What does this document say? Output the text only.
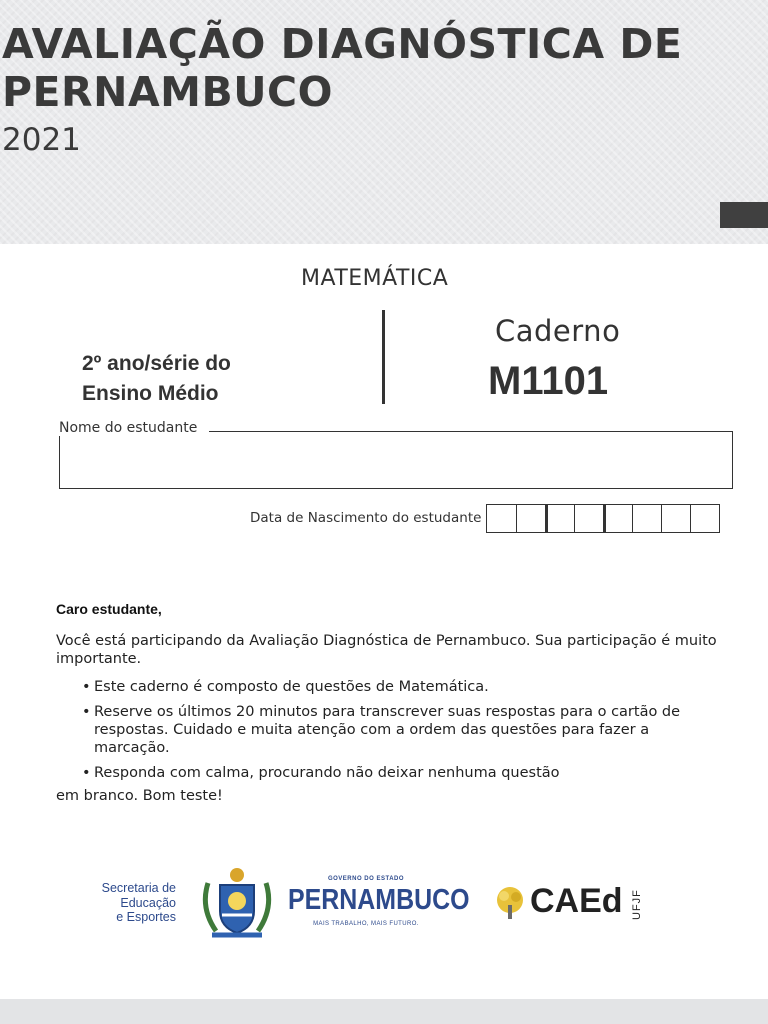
AVALIAÇÃO DIAGNÓSTICA DE PERNAMBUCO
2021
MATEMÁTICA
2º ano/série do Ensino Médio
Caderno
M1101
Nome do estudante
Data de Nascimento do estudante
Caro estudante,
Você está participando da Avaliação Diagnóstica de Pernambuco. Sua participação é muito importante.
• Este caderno é composto de questões de Matemática.
• Reserve os últimos 20 minutos para transcrever suas respostas para o cartão de respostas. Cuidado e muita atenção com a ordem das questões para fazer a marcação.
• Responda com calma, procurando não deixar nenhuma questão
em branco. Bom teste!
Secretaria de
Educação
e Esportes
GOVERNO DO ESTADO
PERNAMBUCO
MAIS TRABALHO, MAIS FUTURO.
CAEd UFJF
